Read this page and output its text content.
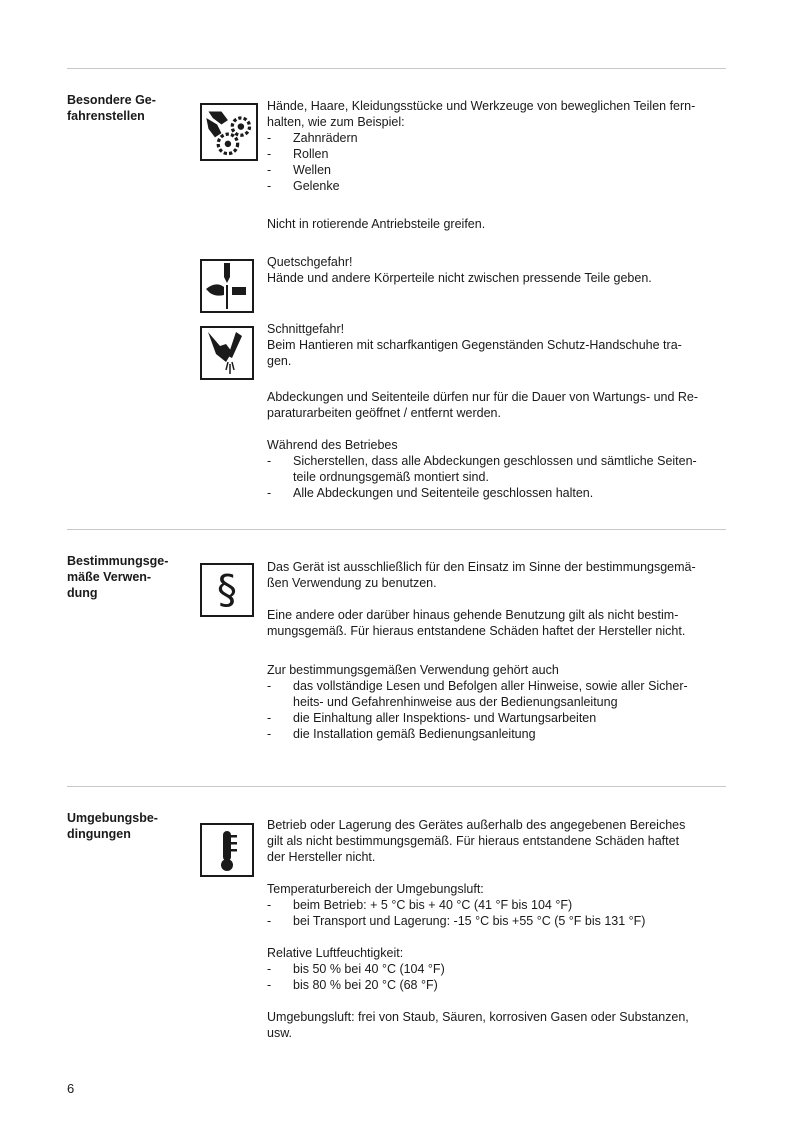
Besondere Ge-
fahrenstellen

Hände, Haare, Kleidungsstücke und Werkzeuge von beweglichen Teilen fern-
halten, wie zum Beispiel:

- Zahnrädern
- Rollen
- Wellen
- Gelenke

Nicht in rotierende Antriebsteile greifen.

Quetschgefahr!
Hände und andere Körperteile nicht zwischen pressende Teile geben.

Schnittgefahr!
Beim Hantieren mit scharfkantigen Gegenständen Schutz-Handschuhe tra-
gen.

Abdeckungen und Seitenteile dürfen nur für die Dauer von Wartungs- und Re-
paraturarbeiten geöffnet / entfernt werden.

Während des Betriebes

- Sicherstellen, dass alle Abdeckungen geschlossen und sämtliche Seiten-
teile ordnungsgemäß montiert sind.
- Alle Abdeckungen und Seitenteile geschlossen halten.
Bestimmungsge-
mäße Verwen-
dung	§	Das Gerät ist ausschließlich für den Einsatz im Sinne der bestimmungsgemä-
ßen Verwendung zu benutzen.

Eine andere oder darüber hinaus gehende Benutzung gilt als nicht bestim-
mungsgemäß. Für hieraus entstandene Schäden haftet der Hersteller nicht.

Zur bestimmungsgemäßen Verwendung gehört auch

- das vollständige Lesen und Befolgen aller Hinweise, sowie aller Sicher-
heits- und Gefahrenhinweise aus der Bedienungsanleitung
- die Einhaltung aller Inspektions- und Wartungsarbeiten
- die Installation gemäß Bedienungsanleitung
Umgebungsbe-
dingungen

Betrieb oder Lagerung des Gerätes außerhalb des angegebenen Bereiches
gilt als nicht bestimmungsgemäß. Für hieraus entstandene Schäden haftet
der Hersteller nicht.

Temperaturbereich der Umgebungsluft:

- beim Betrieb: + 5 °C bis + 40 °C (41 °F bis 104 °F)
- bei Transport und Lagerung: -15 °C bis +55 °C (5 °F bis 131 °F)

Relative Luftfeuchtigkeit:

- bis 50 % bei 40 °C (104 °F)
- bis 80 % bei 20 °C (68 °F)

Umgebungsluft: frei von Staub, Säuren, korrosiven Gasen oder Substanzen,
usw.

6
